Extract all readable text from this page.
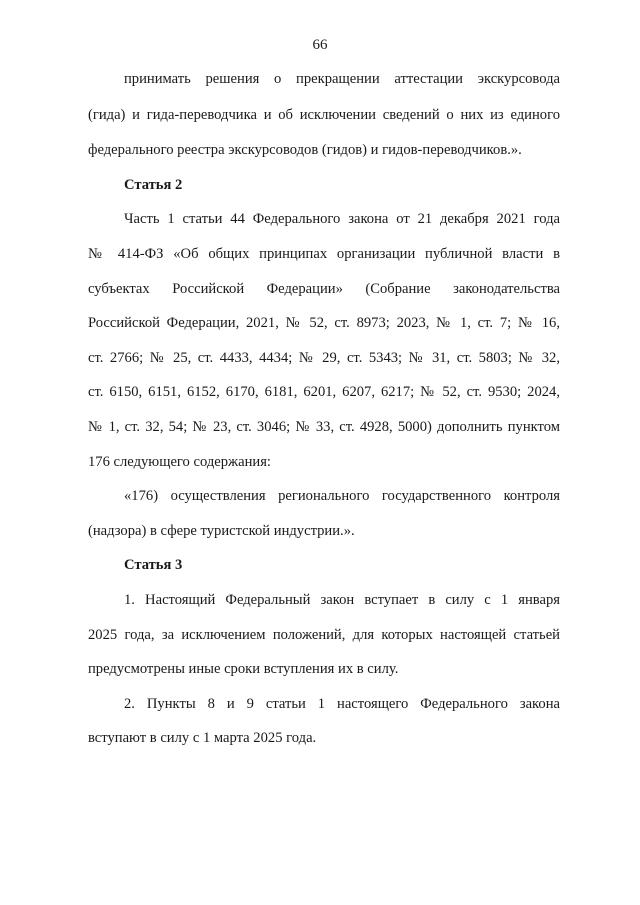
66
принимать решения о прекращении аттестации экскурсовода
(гида) и гида-переводчика и об исключении сведений о них из единого
федерального реестра экскурсоводов (гидов) и гидов-переводчиков.».
Статья 2
Часть 1 статьи 44 Федерального закона от 21 декабря 2021 года
№ 414-ФЗ «Об общих принципах организации публичной власти в
субъектах Российской Федерации» (Собрание законодательства
Российской Федерации, 2021, № 52, ст. 8973; 2023, № 1, ст. 7; № 16,
ст. 2766; № 25, ст. 4433, 4434; № 29, ст. 5343; № 31, ст. 5803; № 32,
ст. 6150, 6151, 6152, 6170, 6181, 6201, 6207, 6217; № 52, ст. 9530; 2024,
№ 1, ст. 32, 54; № 23, ст. 3046; № 33, ст. 4928, 5000) дополнить пунктом
176 следующего содержания:
«176) осуществления регионального государственного контроля
(надзора) в сфере туристской индустрии.».
Статья 3
1. Настоящий Федеральный закон вступает в силу с 1 января
2025 года, за исключением положений, для которых настоящей статьей
предусмотрены иные сроки вступления их в силу.
2. Пункты 8 и 9 статьи 1 настоящего Федерального закона
вступают в силу с 1 марта 2025 года.
